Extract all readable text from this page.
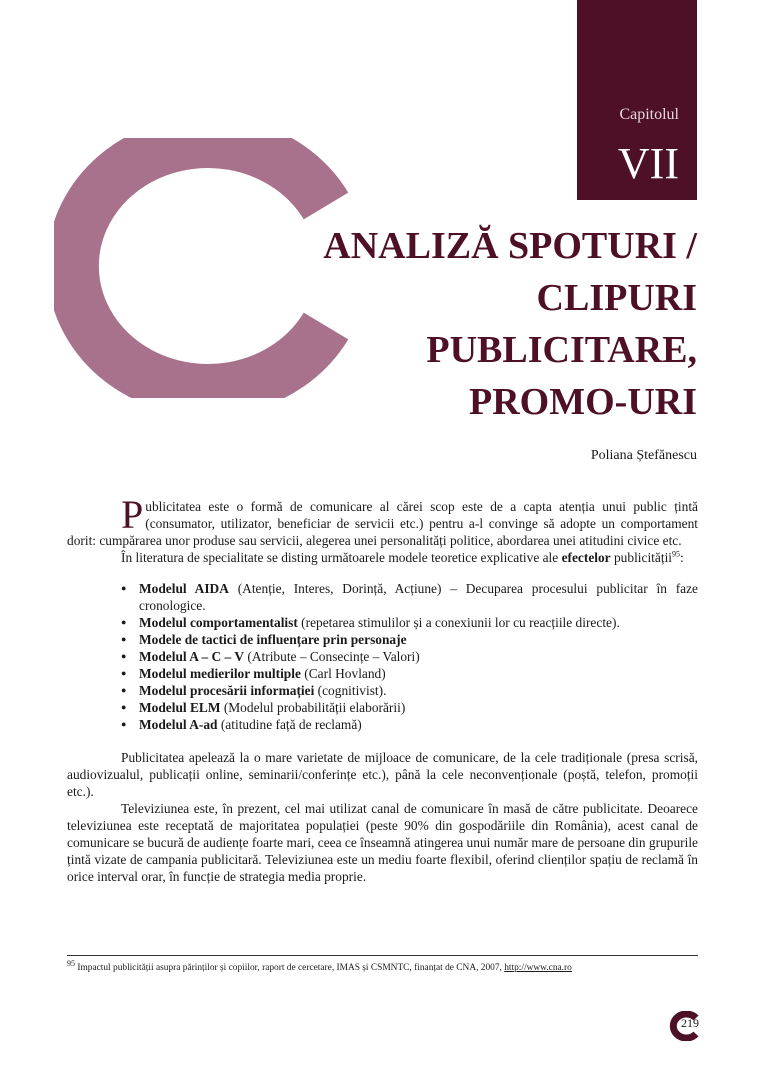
Capitolul
VII
ANALIZĂ SPOTURI /
CLIPURI
PUBLICITARE,
PROMO-URI
Poliana Ștefănescu

Publicitatea este o formă de comunicare al cărei scop este de a capta atenția unui public țintă (consumator, utilizator, beneficiar de servicii etc.) pentru a-l convinge să adopte un comportament dorit: cumpărarea unor produse sau servicii, alegerea unei personalități politice, abordarea unei atitudini civice etc.

În literatura de specialitate se disting următoarele modele teoretice explicative ale efectelor publicității$^{95}$:

● Modelul AIDA (Atenție, Interes, Dorință, Acțiune) – Decuparea procesului publicitar în faze cronologice.
● Modelul comportamentalist (repetarea stimulilor și a conexiunii lor cu reacțiile directe).
● Modele de tactici de influențare prin personaje
● Modelul A – C – V (Atribute – Consecințe – Valori)
● Modelul medierilor multiple (Carl Hovland)
● Modelul procesării informației (cognitivist).
● Modelul ELM (Modelul probabilității elaborării)
● Modelul A-ad (atitudine față de reclamă)

Publicitatea apelează la o mare varietate de mijloace de comunicare, de la cele tradiționale (presa scrisă, audiovizualul, publicații online, seminarii/conferințe etc.), până la cele neconvenționale (poștă, telefon, promoții etc.).

Televiziunea este, în prezent, cel mai utilizat canal de comunicare în masă de către publicitate. Deoarece televiziunea este receptată de majoritatea populației (peste 90% din gospodăriile din România), acest canal de comunicare se bucură de audiențe foarte mari, ceea ce înseamnă atingerea unui număr mare de persoane din grupurile țintă vizate de campania publicitară. Televiziunea este un mediu foarte flexibil, oferind clienților spațiu de reclamă în orice interval orar, în funcție de strategia media proprie.

$^{95}$ Impactul publicității asupra părinților și copiilor, raport de cercetare, IMAS și CSMNTC, finanțat de CNA, 2007, http://www.cna.ro
219
